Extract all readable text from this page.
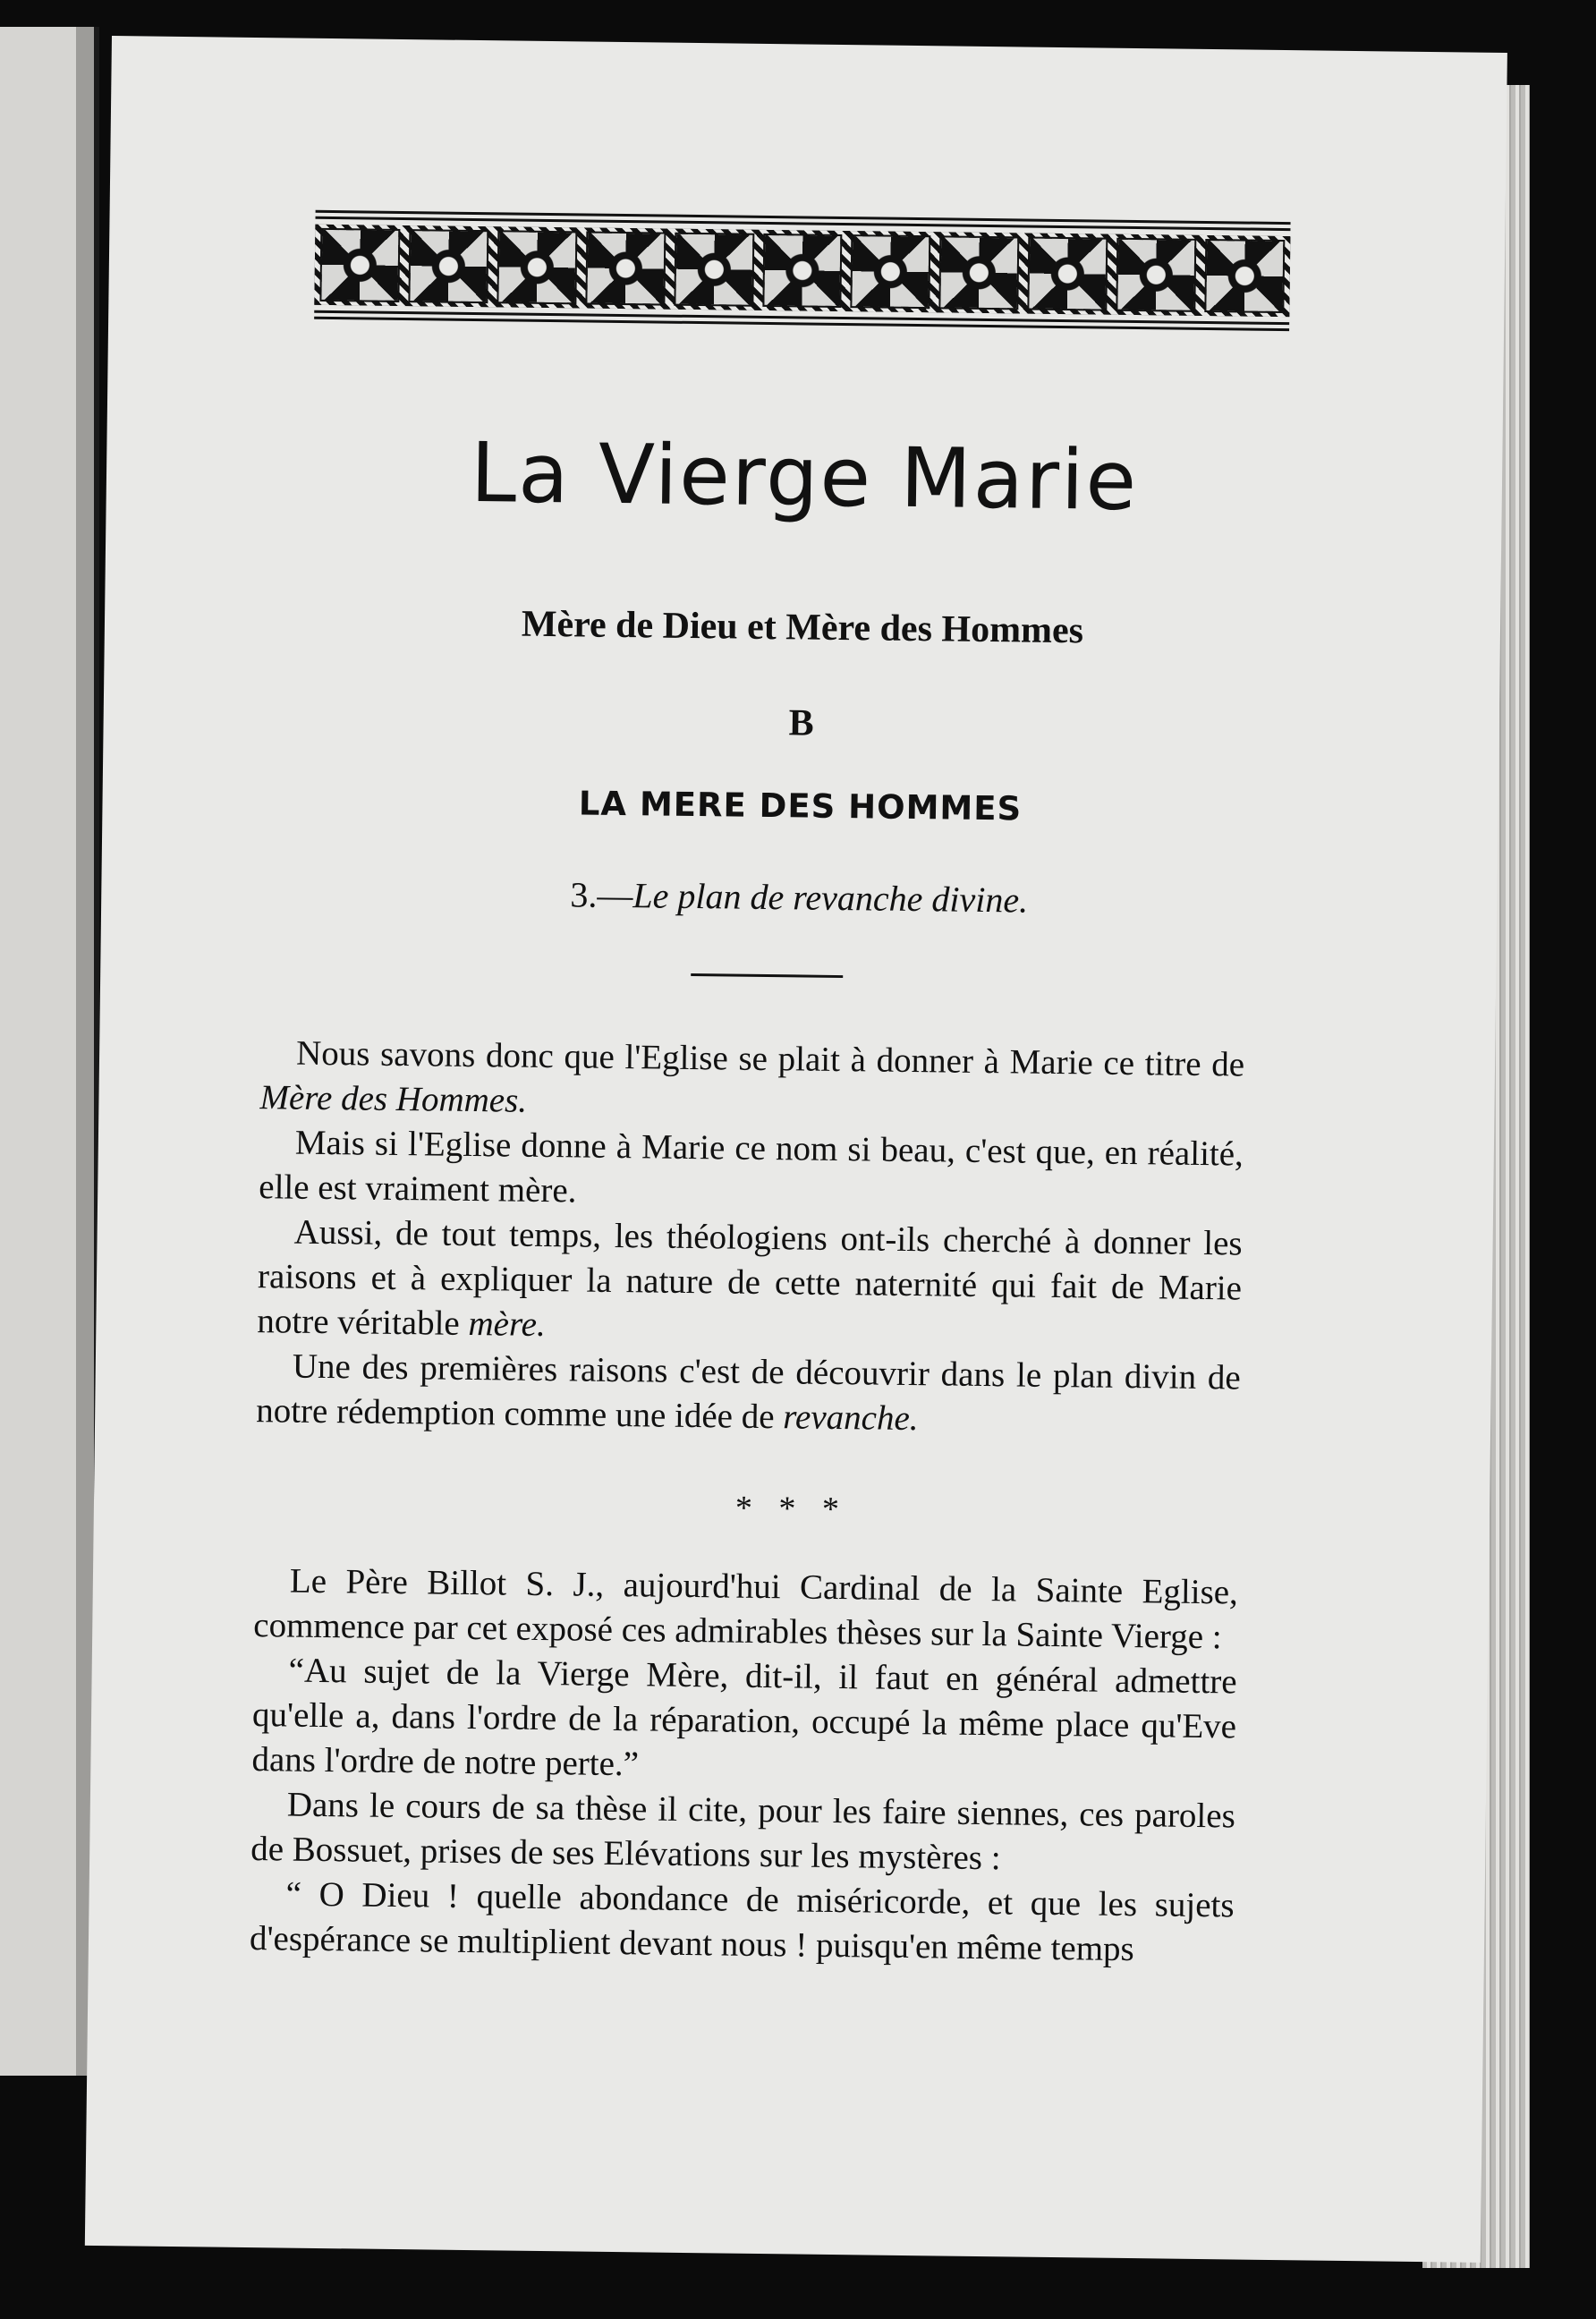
La Vierge Marie
Mère de Dieu et Mère des Hommes
B
LA MERE DES HOMMES
3.—Le plan de revanche divine.

Nous savons donc que l'Eglise se plait à donner à Marie ce titre de Mère des Hommes.

Mais si l'Eglise donne à Marie ce nom si beau, c'est que, en réalité, elle est vraiment mère.

Aussi, de tout temps, les théologiens ont-ils cherché à donner les raisons et à expliquer la nature de cette naternité qui fait de Marie notre véritable mère.

Une des premières raisons c'est de découvrir dans le plan divin de notre rédemption comme une idée de revanche.

* * *

Le Père Billot S. J., aujourd'hui Cardinal de la Sainte Eglise, commence par cet exposé ces admirables thèses sur la Sainte Vierge :

“Au sujet de la Vierge Mère, dit-il, il faut en général admettre qu'elle a, dans l'ordre de la réparation, occupé la même place qu'Eve dans l'ordre de notre perte.”

Dans le cours de sa thèse il cite, pour les faire siennes, ces paroles de Bossuet, prises de ses Elévations sur les mystères :

“ O Dieu ! quelle abondance de miséricorde, et que les sujets d'espérance se multiplient devant nous ! puisqu'en même temps
